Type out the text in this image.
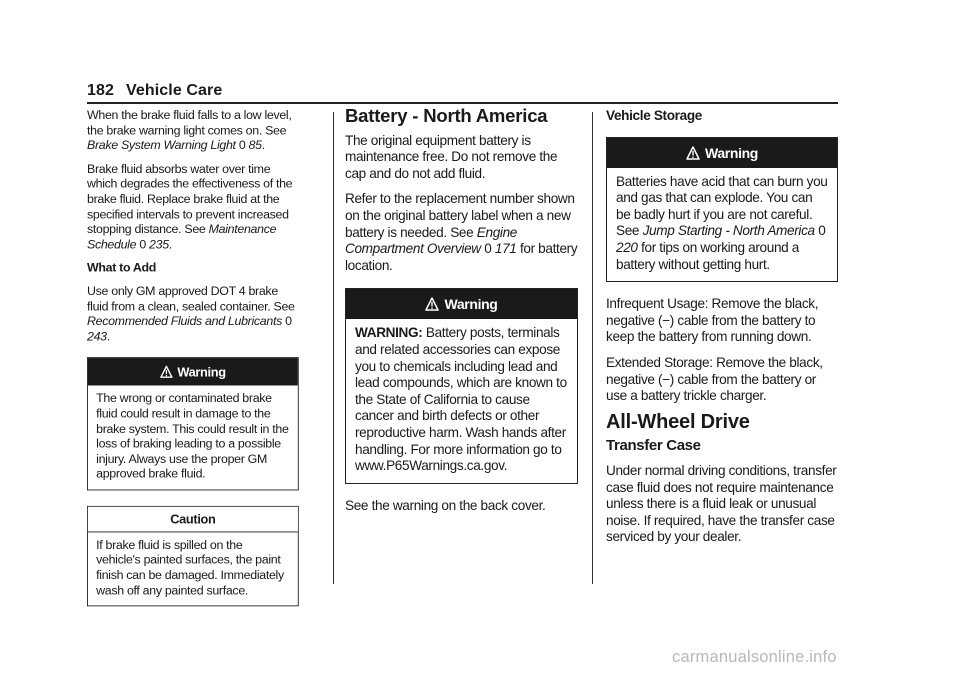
182 Vehicle Care

When the brake fluid falls to a low level, the brake warning light comes on. See Brake System Warning Light 0 85.

Brake fluid absorbs water over time which degrades the effectiveness of the brake fluid. Replace brake fluid at the specified intervals to prevent increased stopping distance. See Maintenance Schedule 0 235.

What to Add

Use only GM approved DOT 4 brake fluid from a clean, sealed container. See Recommended Fluids and Lubricants 0 243.

Warning
The wrong or contaminated brake fluid could result in damage to the brake system. This could result in the loss of braking leading to a possible injury. Always use the proper GM approved brake fluid.
Caution
If brake fluid is spilled on the vehicle's painted surfaces, the paint finish can be damaged. Immediately wash off any painted surface.
Battery - North America

The original equipment battery is maintenance free. Do not remove the cap and do not add fluid.

Refer to the replacement number shown on the original battery label when a new battery is needed. See Engine Compartment Overview 0 171 for battery location.

Warning
WARNING: Battery posts, terminals and related accessories can expose you to chemicals including lead and lead compounds, which are known to the State of California to cause cancer and birth defects or other reproductive harm. Wash hands after handling. For more information go to www.P65Warnings.ca.gov.

See the warning on the back cover.

Vehicle Storage
Warning
Batteries have acid that can burn you and gas that can explode. You can be badly hurt if you are not careful. See Jump Starting - North America 0 220 for tips on working around a battery without getting hurt.

Infrequent Usage: Remove the black, negative (−) cable from the battery to keep the battery from running down.

Extended Storage: Remove the black, negative (−) cable from the battery or use a battery trickle charger.

All-Wheel Drive
Transfer Case

Under normal driving conditions, transfer case fluid does not require maintenance unless there is a fluid leak or unusual noise. If required, have the transfer case serviced by your dealer.

carmanualsonline.info
